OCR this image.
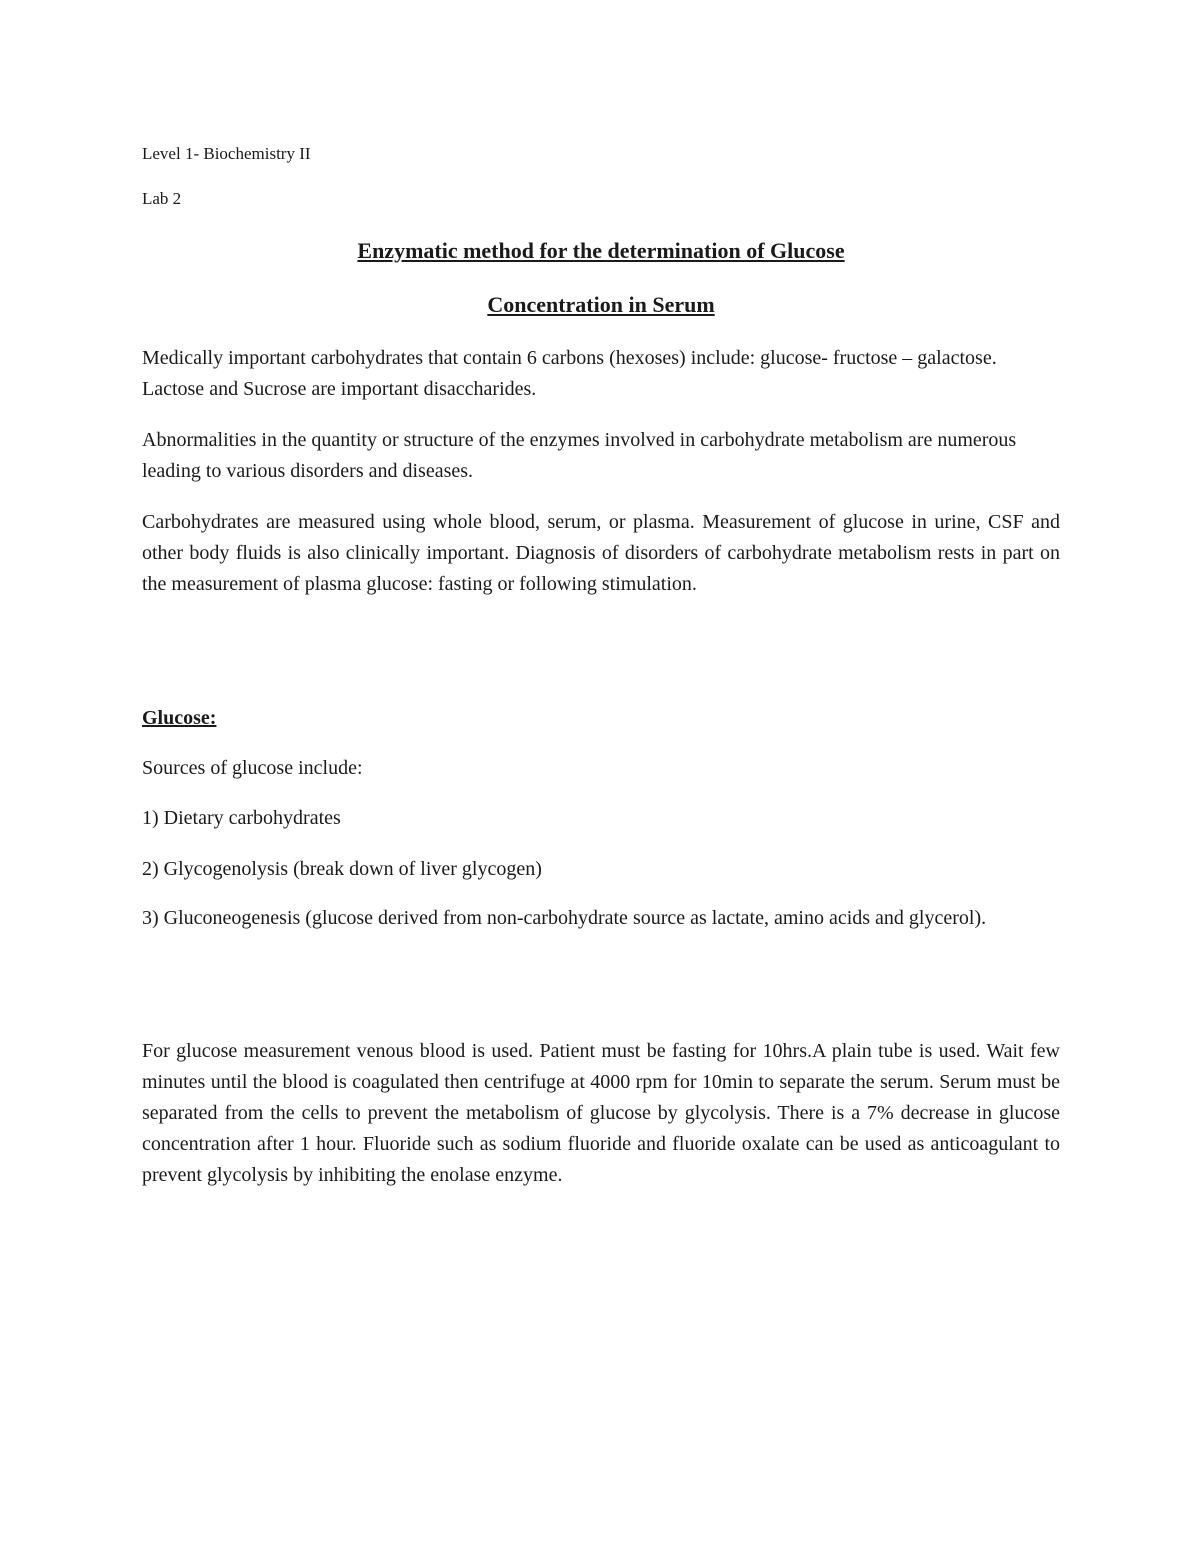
Level 1- Biochemistry II
Lab 2
Enzymatic method for the determination of Glucose
Concentration in Serum

Medically important carbohydrates that contain 6 carbons (hexoses) include: glucose- fructose – galactose. Lactose and Sucrose are important disaccharides.

Abnormalities in the quantity or structure of the enzymes involved in carbohydrate metabolism are numerous leading to various disorders and diseases.

Carbohydrates are measured using whole blood, serum, or plasma. Measurement of glucose in urine, CSF and other body fluids is also clinically important. Diagnosis of disorders of carbohydrate metabolism rests in part on the measurement of plasma glucose: fasting or following stimulation.

Glucose:
Sources of glucose include:
1) Dietary carbohydrates
2) Glycogenolysis (break down of liver glycogen)

3) Gluconeogenesis (glucose derived from non-carbohydrate source as lactate, amino acids and glycerol).

For glucose measurement venous blood is used. Patient must be fasting for 10hrs.A plain tube is used. Wait few minutes until the blood is coagulated then centrifuge at 4000 rpm for 10min to separate the serum. Serum must be separated from the cells to prevent the metabolism of glucose by glycolysis. There is a 7% decrease in glucose concentration after 1 hour. Fluoride such as sodium fluoride and fluoride oxalate can be used as anticoagulant to prevent glycolysis by inhibiting the enolase enzyme.
